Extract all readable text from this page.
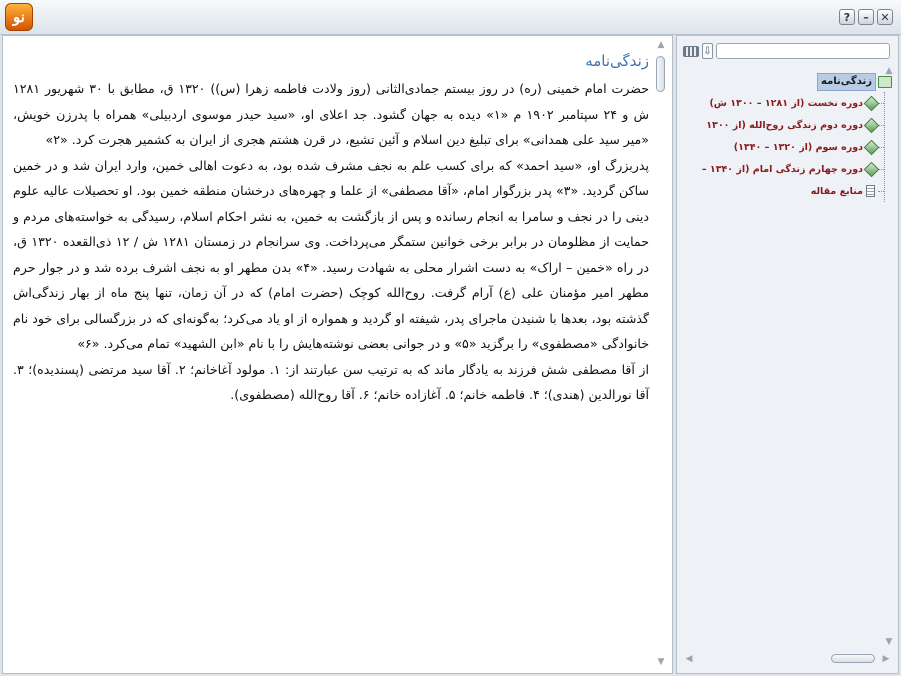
نو	?	–	✕
زندگی‌نامه

حضرت امام خمینی (ره) در روز بیستم جمادی‌الثانی (روز ولادت فاطمه زهرا (س)) ۱۳۲۰ ق، مطابق با ۳۰ شهریور ۱۲۸۱ ش و ۲۴ سپتامبر ۱۹۰۲ م «۱» دیده به جهان گشود. جد اعلای او، «سید حیدر موسوی اردبیلی» همراه با پدرزن خویش، «میر سید علی همدانی» برای تبلیغ دین اسلام و آئین تشیع، در قرن هشتم هجری از ایران به کشمیر هجرت کرد. «۲»

پدربزرگ او، «سید احمد» که برای کسب علم به نجف مشرف شده بود، به دعوت اهالی خمین، وارد ایران شد و در خمین ساکن گردید. «۳» پدر بزرگوار امام، «آقا مصطفی» از علما و چهره‌های درخشان منطقه خمین بود. او تحصیلات عالیه علوم دینی را در نجف و سامرا به انجام رسانده و پس از بازگشت به خمین، به نشر احکام اسلام، رسیدگی به خواسته‌های مردم و حمایت از مظلومان در برابر برخی خوانین ستمگر می‌پرداخت. وی سرانجام در زمستان ۱۲۸۱ ش / ۱۲ ذی‌القعده ۱۳۲۰ ق، در راه «خمین – اراک» به دست اشرار محلی به شهادت رسید. «۴» بدن مطهر او به نجف اشرف برده شد و در جوار حرم مطهر امیر مؤمنان علی (ع) آرام گرفت. روح‌الله کوچک (حضرت امام) که در آن زمان، تنها پنج ماه از بهار زندگی‌اش گذشته بود، بعدها با شنیدن ماجرای پدر، شیفته او گردید و همواره از او یاد می‌کرد؛ به‌گونه‌ای که در بزرگسالی برای خود نام خانوادگی «مصطفوی» را برگزید «۵» و در جوانی بعضی نوشته‌هایش را با نام «ابن الشهید» تمام می‌کرد. «۶»

از آقا مصطفی شش فرزند به یادگار ماند که به ترتیب سن عبارتند از: ۱. مولود آغاخانم؛ ۲. آقا سید مرتضی (پسندیده)؛ ۳. آقا نورالدین (هندی)؛ ۴. فاطمه خانم؛ ۵. آغازاده خانم؛ ۶. آقا روح‌الله (مصطفوی).

▲
▼
⇩
زندگی‌نامه
دوره نخست (از ۱۲۸۱ – ۱۳۰۰ ش)
دوره دوم زندگی روح‌الله (از ۱۳۰۰
دوره سوم (از ۱۳۲۰ – ۱۳۴۰)
دوره چهارم زندگی امام (از ۱۳۴۰ –
منابع مقاله
▲
▼
◀	▶
